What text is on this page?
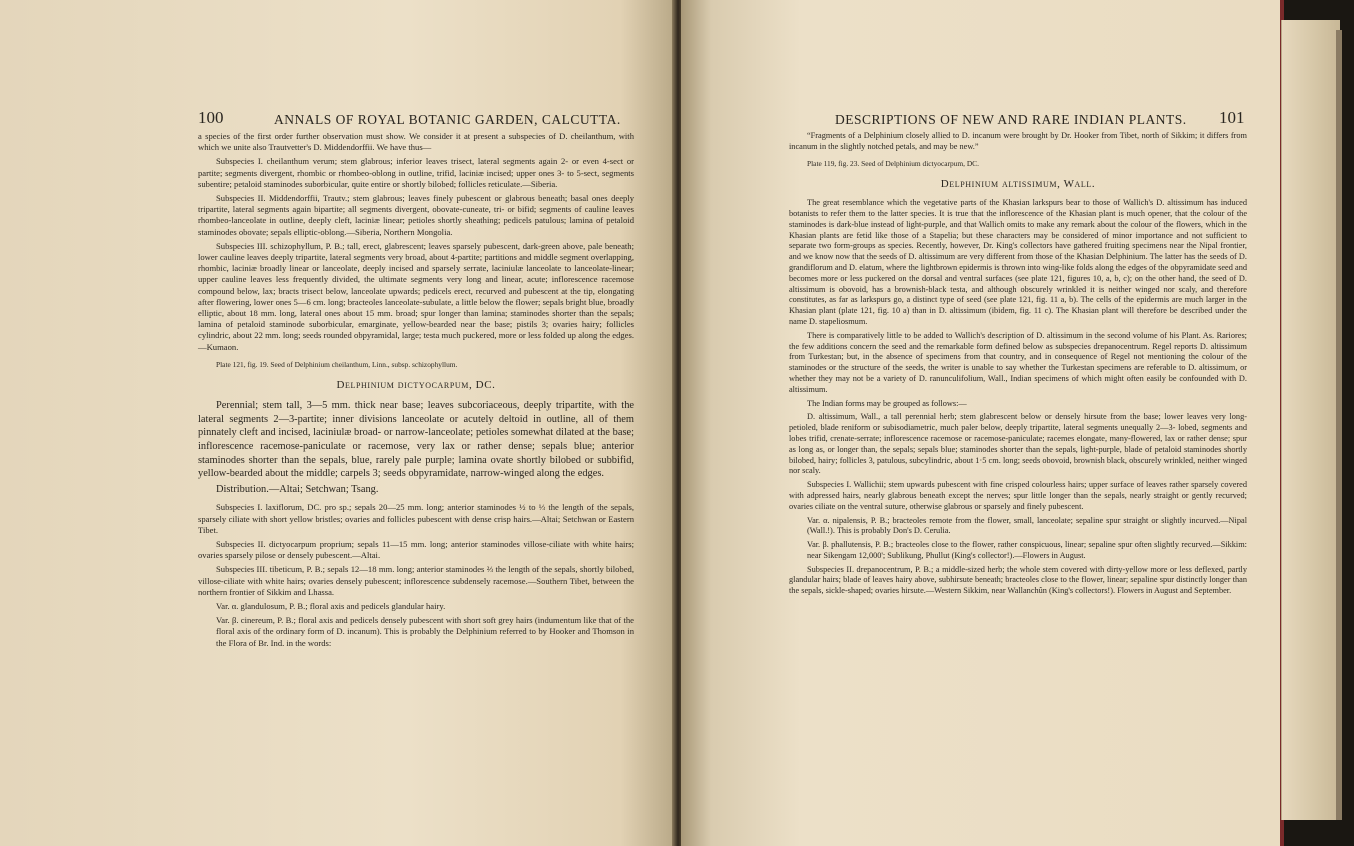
100	ANNALS OF ROYAL BOTANIC GARDEN, CALCUTTA.

a species of the first order further observation must show. We consider it at present a subspecies of D. cheilanthum, with which we unite also Trautvetter's D. Middendorffii. We have thus—

Subspecies I. cheilanthum verum; stem glabrous; inferior leaves trisect, lateral segments again 2- or even 4-sect or partite; segments divergent, rhombic or rhombeo-oblong in outline, trifid, laciniæ incised; upper ones 3- to 5-sect, segments subentire; petaloid staminodes suborbicular, quite entire or shortly bilobed; follicles reticulate.—Siberia.

Subspecies II. Middendorffii, Trautv.; stem glabrous; leaves finely pubescent or glabrous beneath; basal ones deeply tripartite, lateral segments again bipartite; all segments divergent, obovate-cuneate, tri- or bifid; segments of cauline leaves rhombeo-lanceolate in outline, deeply cleft, laciniæ linear; petioles shortly sheathing; pedicels patulous; lamina of petaloid staminodes obovate; sepals elliptic-oblong.—Siberia, Northern Mongolia.

Subspecies III. schizophyllum, P. B.; tall, erect, glabrescent; leaves sparsely pubescent, dark-green above, pale beneath; lower cauline leaves deeply tripartite, lateral segments very broad, about 4-partite; partitions and middle segment overlapping, rhombic, laciniæ broadly linear or lanceolate, deeply incised and sparsely serrate, laciniulæ lanceolate to lanceolate-linear; upper cauline leaves less frequently divided, the ultimate segments very long and linear, acute; inflorescence racemose compound below, lax; bracts trisect below, lanceolate upwards; pedicels erect, recurved and pubescent at the tip, elongating after flowering, lower ones 5—6 cm. long; bracteoles lanceolate-subulate, a little below the flower; sepals bright blue, broadly elliptic, about 18 mm. long, lateral ones about 15 mm. broad; spur longer than lamina; staminodes shorter than the sepals; lamina of petaloid staminode suborbicular, emarginate, yellow-bearded near the base; pistils 3; ovaries hairy; follicles cylindric, about 22 mm. long; seeds rounded obpyramidal, large; testa much puckered, more or less folded up along the edges.—Kumaon.

Plate 121, fig. 19. Seed of Delphinium cheilanthum, Linn., subsp. schizophyllum.

Delphinium dictyocarpum, DC.

Perennial; stem tall, 3—5 mm. thick near base; leaves subcoriaceous, deeply tripartite, with the lateral segments 2—3-partite; inner divisions lanceolate or acutely deltoid in outline, all of them pinnately cleft and incised, laciniulæ broad- or narrow-lanceolate; petioles somewhat dilated at the base; inflorescence racemose-paniculate or racemose, very lax or rather dense; sepals blue; anterior staminodes shorter than the sepals, blue, rarely pale purple; lamina ovate shortly bilobed or subbifid, yellow-bearded about the middle; carpels 3; seeds obpyramidate, narrow-winged along the edges.

Distribution.—Altai; Setchwan; Tsang.

Subspecies I. laxiflorum, DC. pro sp.; sepals 20—25 mm. long; anterior staminodes ½ to ⅓ the length of the sepals, sparsely ciliate with short yellow bristles; ovaries and follicles pubescent with dense crisp hairs.—Altai; Setchwan or Eastern Tibet.

Subspecies II. dictyocarpum proprium; sepals 11—15 mm. long; anterior staminodes villose-ciliate with white hairs; ovaries sparsely pilose or densely pubescent.—Altai.

Subspecies III. tibeticum, P. B.; sepals 12—18 mm. long; anterior staminodes ⅔ the length of the sepals, shortly bilobed, villose-ciliate with white hairs; ovaries densely pubescent; inflorescence subdensely racemose.—Southern Tibet, between the northern frontier of Sikkim and Lhassa.

Var. α. glandulosum, P. B.; floral axis and pedicels glandular hairy.

Var. β. cinereum, P. B.; floral axis and pedicels densely pubescent with short soft grey hairs (indumentum like that of the floral axis of the ordinary form of D. incanum). This is probably the Delphinium referred to by Hooker and Thomson in the Flora of Br. Ind. in the words:

DESCRIPTIONS OF NEW AND RARE INDIAN PLANTS. 101

“Fragments of a Delphinium closely allied to D. incanum were brought by Dr. Hooker from Tibet, north of Sikkim; it differs from incanum in the slightly notched petals, and may be new.”

Plate 119, fig. 23. Seed of Delphinium dictyocarpum, DC.

Delphinium altissimum, Wall.

The great resemblance which the vegetative parts of the Khasian larkspurs bear to those of Wallich's D. altissimum has induced botanists to refer them to the latter species. It is true that the inflorescence of the Khasian plant is much opener, that the colour of the staminodes is dark-blue instead of light-purple, and that Wallich omits to make any remark about the colour of the flowers, which in the Khasian plants are fetid like those of a Stapelia; but these characters may be considered of minor importance and not sufficient to separate two form-groups as species. Recently, however, Dr. King's collectors have gathered fruiting specimens near the Nipal frontier, and we know now that the seeds of D. altissimum are very different from those of the Khasian Delphinium. The latter has the seeds of D. grandiflorum and D. elatum, where the lightbrown epidermis is thrown into wing-like folds along the edges of the obpyramidate seed and becomes more or less puckered on the dorsal and ventral surfaces (see plate 121, figures 10, a, b, c); on the other hand, the seed of D. altissimum is obovoid, has a brownish-black testa, and although obscurely wrinkled it is neither winged nor scaly, and therefore constitutes, as far as larkspurs go, a distinct type of seed (see plate 121, fig. 11 a, b). The cells of the epidermis are much larger in the Khasian plant (plate 121, fig. 10 a) than in D. altissimum (ibidem, fig. 11 c). The Khasian plant will therefore be described under the name D. stapeliosmum.

There is comparatively little to be added to Wallich's description of D. altissimum in the second volume of his Plant. As. Rariores; the few additions concern the seed and the remarkable form defined below as subspecies drepanocentrum. Regel reports D. altissimum from Turkestan; but, in the absence of specimens from that country, and in consequence of Regel not mentioning the colour of the staminodes or the structure of the seeds, the writer is unable to say whether the Turkestan specimens are referable to D. altissimum, or whether they may not be a variety of D. ranunculifolium, Wall., Indian specimens of which might often easily be confounded with D. altissimum.

The Indian forms may be grouped as follows:—

D. altissimum, Wall., a tall perennial herb; stem glabrescent below or densely hirsute from the base; lower leaves very long-petioled, blade reniform or subisodiametric, much paler below, deeply tripartite, lateral segments unequally 2—3- lobed, segments and lobes trifid, crenate-serrate; inflorescence racemose or racemose-paniculate; racemes elongate, many-flowered, lax or rather dense; spur as long as, or longer than, the sepals; sepals blue; staminodes shorter than the sepals, light-purple, blade of petaloid staminodes shortly bilobed, hairy; follicles 3, patulous, subcylindric, about 1·5 cm. long; seeds obovoid, brownish black, obscurely wrinkled, neither winged nor scaly.

Subspecies I. Wallichii; stem upwards pubescent with fine crisped colourless hairs; upper surface of leaves rather sparsely covered with adpressed hairs, nearly glabrous beneath except the nerves; spur little longer than the sepals, nearly straight or gently recurved; ovaries ciliate on the ventral suture, otherwise glabrous or sparsely and finely pubescent.

Var. α. nipalensis, P. B.; bracteoles remote from the flower, small, lanceolate; sepaline spur straight or slightly incurved.—Nipal (Wall.!). This is probably Don's D. Cerulia.

Var. β. phallutensis, P. B.; bracteoles close to the flower, rather conspicuous, linear; sepaline spur often slightly recurved.—Sikkim: near Sikengam 12,000'; Sublikung, Phullut (King's collector!).—Flowers in August.

Subspecies II. drepanocentrum, P. B.; a middle-sized herb; the whole stem covered with dirty-yellow more or less deflexed, partly glandular hairs; blade of leaves hairy above, subhirsute beneath; bracteoles close to the flower, linear; sepaline spur distinctly longer than the sepals, sickle-shaped; ovaries hirsute.—Western Sikkim, near Wallanchûn (King's collectors!). Flowers in August and September.
